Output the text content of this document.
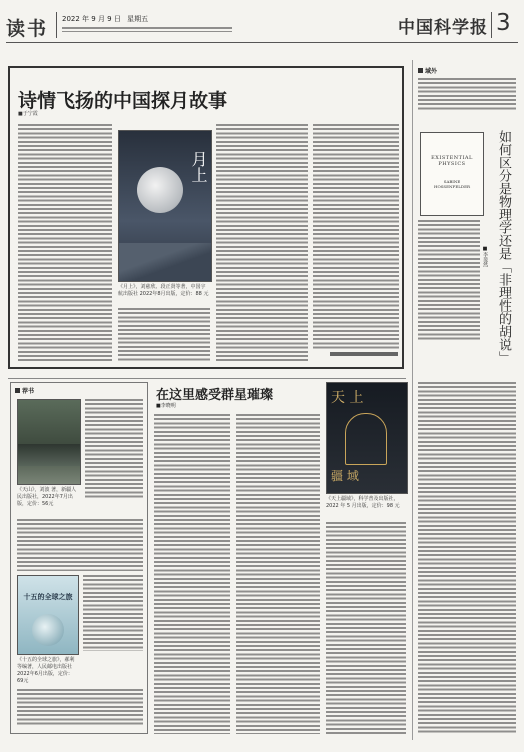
读书 2022 年 9 月 9 日 星期五	中国科学报 3
诗情飞扬的中国探月故事
■于宁霞
月上
《月上》，刘慈欣、段正贤等著，中国宇航出版社 2022年8月出版，定价：88 元
域外
EXISTENTIAL
PHYSICS
SABINE
HOSSENFELDER	如何区分是物理学还是「非理性的胡说」
■李斐然
荐书
《天山》，刘波 著，新疆人民出版社，2022年7月出版，定价：56元
十五的全球之旅
《十五的全球之旅》，郝利等编著，人民邮电出版社 2022年6月出版，定价：69元
在这里感受群星璀璨
■李晓明	天 上
疆 域
《天上疆域》，科学普及出版社，2022 年 5 月出版，定价：98 元
